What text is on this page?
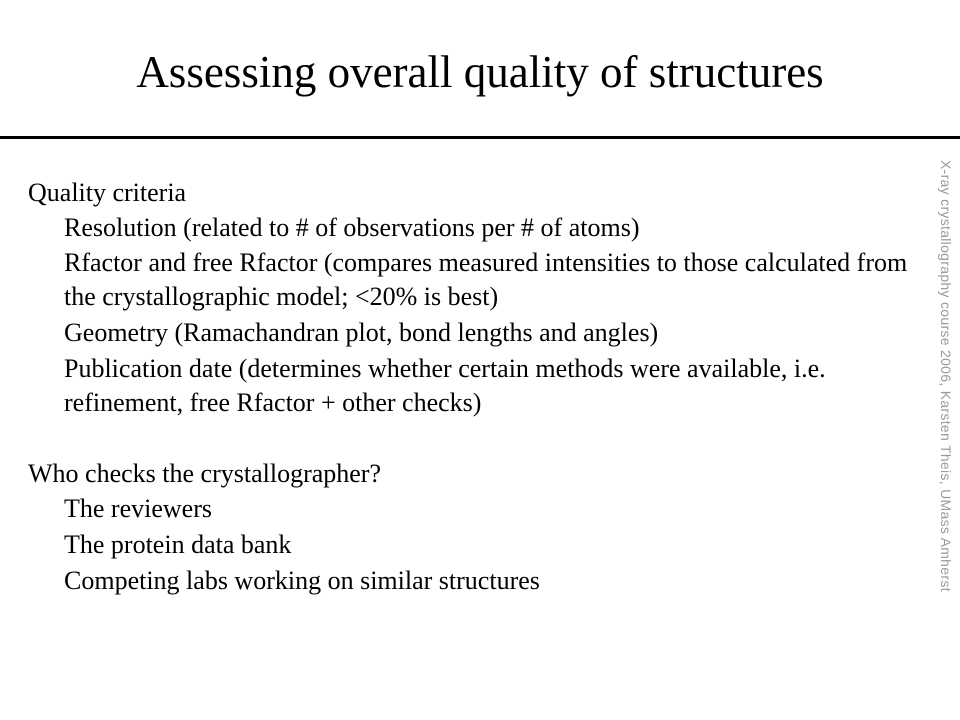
Assessing overall quality of structures

Quality criteria

Resolution (related to # of observations per # of atoms)

Rfactor and free Rfactor (compares measured intensities to those calculated from the crystallographic model; <20% is best)

Geometry (Ramachandran plot, bond lengths and angles)

Publication date (determines whether certain methods were available, i.e. refinement, free Rfactor + other checks)

Who checks the crystallographer?

The reviewers

The protein data bank

Competing labs working on similar structures	X-ray crystallography course 2006, Karsten Theis, UMass Amherst
